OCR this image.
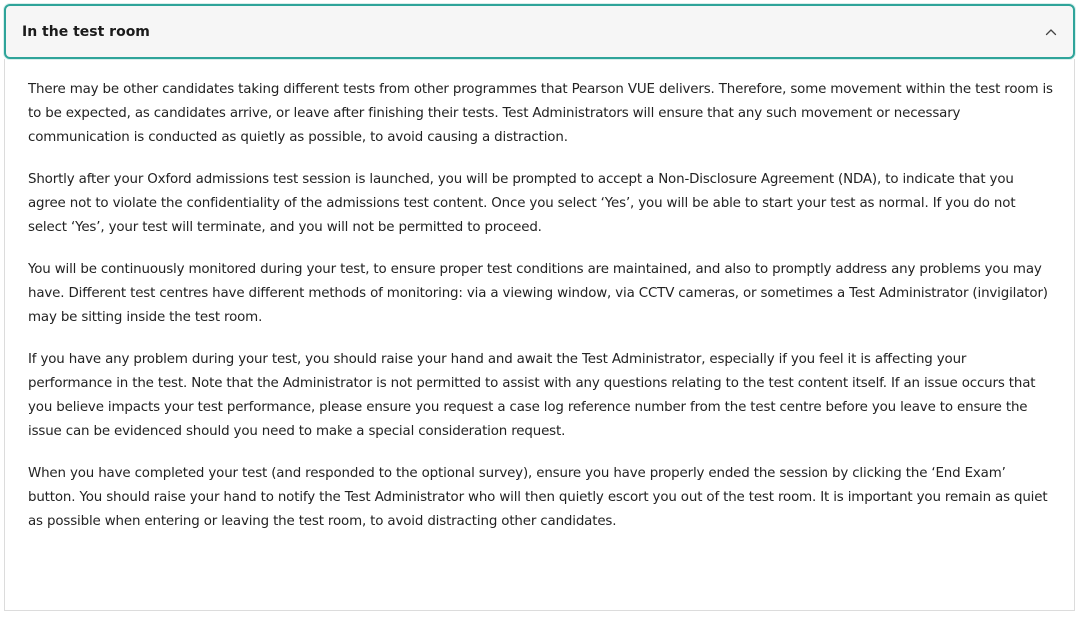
In the test room

There may be other candidates taking different tests from other programmes that Pearson VUE delivers. Therefore, some movement within the test room is to be expected, as candidates arrive, or leave after finishing their tests. Test Administrators will ensure that any such movement or necessary communication is conducted as quietly as possible, to avoid causing a distraction.

Shortly after your Oxford admissions test session is launched, you will be prompted to accept a Non-Disclosure Agreement (NDA), to indicate that you agree not to violate the confidentiality of the admissions test content. Once you select ‘Yes’, you will be able to start your test as normal. If you do not select ‘Yes’, your test will terminate, and you will not be permitted to proceed.

You will be continuously monitored during your test, to ensure proper test conditions are maintained, and also to promptly address any problems you may have. Different test centres have different methods of monitoring: via a viewing window, via CCTV cameras, or sometimes a Test Administrator (invigilator) may be sitting inside the test room.

If you have any problem during your test, you should raise your hand and await the Test Administrator, especially if you feel it is affecting your performance in the test. Note that the Administrator is not permitted to assist with any questions relating to the test content itself. If an issue occurs that you believe impacts your test performance, please ensure you request a case log reference number from the test centre before you leave to ensure the issue can be evidenced should you need to make a special consideration request.

When you have completed your test (and responded to the optional survey), ensure you have properly ended the session by clicking the ‘End Exam’ button. You should raise your hand to notify the Test Administrator who will then quietly escort you out of the test room. It is important you remain as quiet as possible when entering or leaving the test room, to avoid distracting other candidates.
